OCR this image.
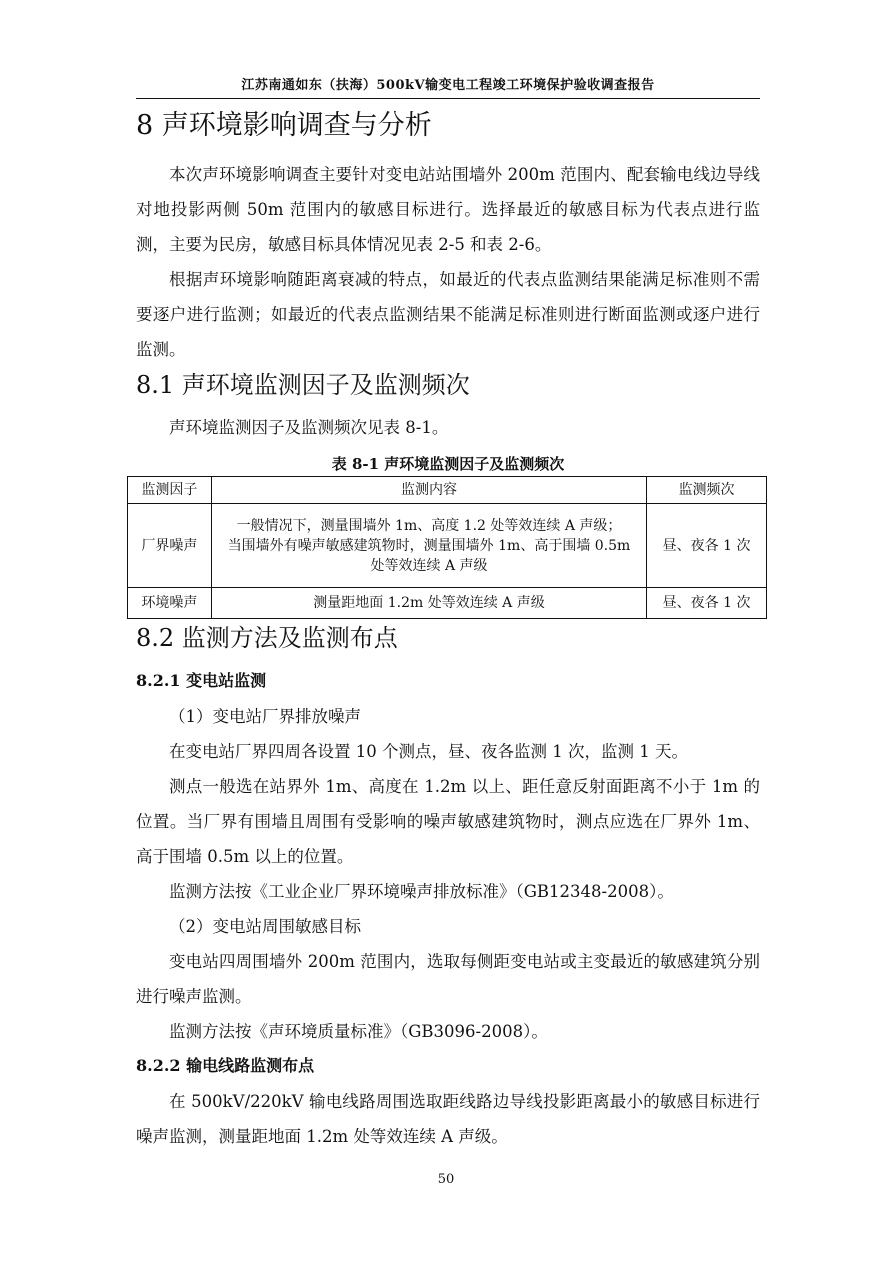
江苏南通如东（扶海）500kV输变电工程竣工环境保护验收调查报告
8 声环境影响调查与分析

本次声环境影响调查主要针对变电站站围墙外 200m 范围内、配套输电线边导线对地投影两侧 50m 范围内的敏感目标进行。选择最近的敏感目标为代表点进行监测，主要为民房，敏感目标具体情况见表 2-5 和表 2-6。

根据声环境影响随距离衰减的特点，如最近的代表点监测结果能满足标准则不需要逐户进行监测；如最近的代表点监测结果不能满足标准则进行断面监测或逐户进行监测。

8.1 声环境监测因子及监测频次

声环境监测因子及监测频次见表 8-1。

表 8-1 声环境监测因子及监测频次
监测因子	监测内容	监测频次
厂界噪声	一般情况下，测量围墙外 1m、高度 1.2 处等效连续 A 声级；
当围墙外有噪声敏感建筑物时，测量围墙外 1m、高于围墙 0.5m
处等效连续 A 声级	昼、夜各 1 次
环境噪声	测量距地面 1.2m 处等效连续 A 声级	昼、夜各 1 次
8.2 监测方法及监测布点
8.2.1 变电站监测

（1）变电站厂界排放噪声

在变电站厂界四周各设置 10 个测点，昼、夜各监测 1 次，监测 1 天。

测点一般选在站界外 1m、高度在 1.2m 以上、距任意反射面距离不小于 1m 的位置。当厂界有围墙且周围有受影响的噪声敏感建筑物时，测点应选在厂界外 1m、高于围墙 0.5m 以上的位置。

监测方法按《工业企业厂界环境噪声排放标准》（GB12348-2008）。

（2）变电站周围敏感目标

变电站四周围墙外 200m 范围内，选取每侧距变电站或主变最近的敏感建筑分别进行噪声监测。

监测方法按《声环境质量标准》（GB3096-2008）。

8.2.2 输电线路监测布点

在 500kV/220kV 输电线路周围选取距线路边导线投影距离最小的敏感目标进行噪声监测，测量距地面 1.2m 处等效连续 A 声级。

50
